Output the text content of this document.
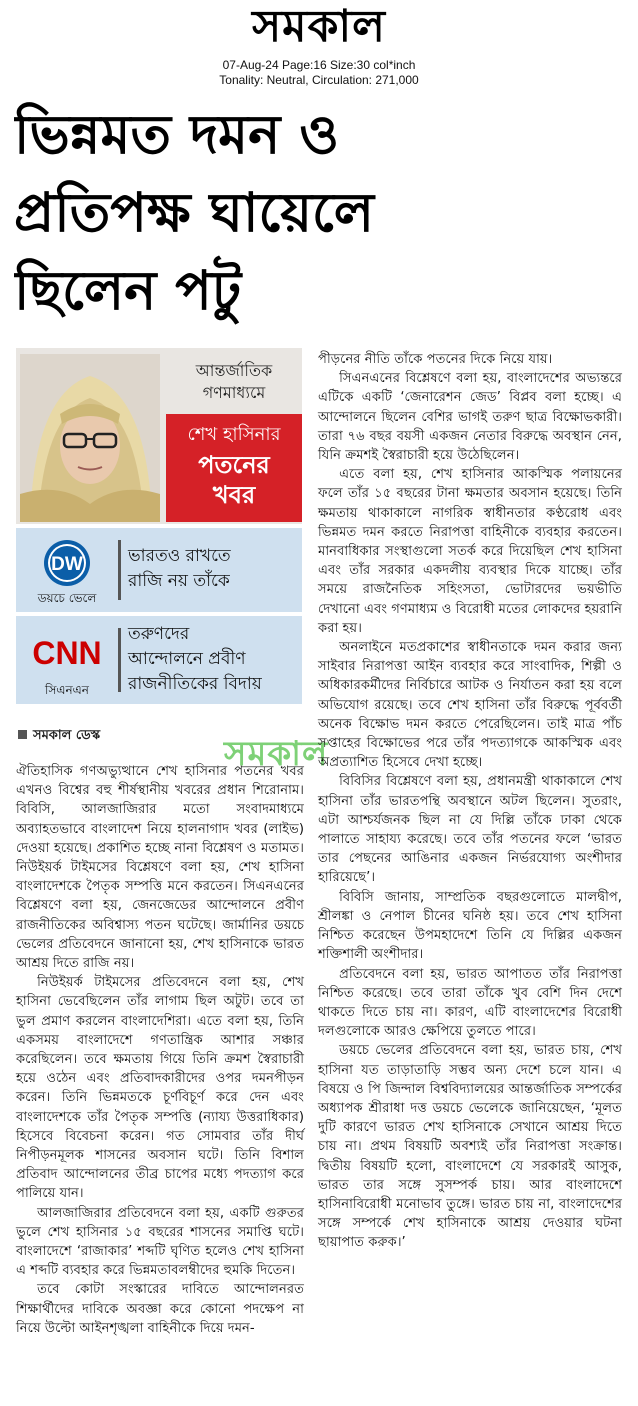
সমকাল
07-Aug-24 Page:16 Size:30 col*inch
Tonality: Neutral, Circulation: 271,000
ভিন্নমত দমন ও
প্রতিপক্ষ ঘায়েলে
ছিলেন পটু
আন্তর্জাতিক
গণমাধ্যমে
শেখ হাসিনার
পতনের
খবর
DW
ডয়চে ভেলে
ভারতও রাখতে
রাজি নয় তাঁকে
CNN
সিএনএন
তরুণদের
আন্দোলনে প্রবীণ
রাজনীতিকের বিদায়
সমকাল ডেস্ক	সমকাল

ঐতিহাসিক গণঅভ্যুত্থানে শেখ হাসিনার পতনের খবর এখনও বিশ্বের বহু শীর্ষস্থানীয় খবরের প্রধান শিরোনাম। বিবিসি, আলজাজিরার মতো সংবাদমাধ্যমে অব্যাহতভাবে বাংলাদেশ নিয়ে হালনাগাদ খবর (লাইভ) দেওয়া হয়েছে। প্রকাশিত হচ্ছে নানা বিশ্লেষণ ও মতামত। নিউইয়র্ক টাইমসের বিশ্লেষণে বলা হয়, শেখ হাসিনা বাংলাদেশকে পৈতৃক সম্পত্তি মনে করতেন। সিএনএনের বিশ্লেষণে বলা হয়, জেনজেডের আন্দোলনে প্রবীণ রাজনীতিকের অবিশ্বাস্য পতন ঘটেছে। জার্মানির ডয়চে ভেলের প্রতিবেদনে জানানো হয়, শেখ হাসিনাকে ভারত আশ্রয় দিতে রাজি নয়।

নিউইয়র্ক টাইমসের প্রতিবেদনে বলা হয়, শেখ হাসিনা ভেবেছিলেন তাঁর লাগাম ছিল অটুট। তবে তা ভুল প্রমাণ করলেন বাংলাদেশিরা। এতে বলা হয়, তিনি একসময় বাংলাদেশে গণতান্ত্রিক আশার সঞ্চার করেছিলেন। তবে ক্ষমতায় গিয়ে তিনি ক্রমশ স্বৈরাচারী হয়ে ওঠেন এবং প্রতিবাদকারীদের ওপর দমনপীড়ন করেন। তিনি ভিন্নমতকে চূর্ণবিচূর্ণ করে দেন এবং বাংলাদেশকে তাঁর পৈতৃক সম্পত্তি (ন্যায্য উত্তরাধিকার) হিসেবে বিবেচনা করেন। গত সোমবার তাঁর দীর্ঘ নিপীড়নমূলক শাসনের অবসান ঘটে। তিনি বিশাল প্রতিবাদ আন্দোলনের তীব্র চাপের মধ্যে পদত্যাগ করে পালিয়ে যান।

আলজাজিরার প্রতিবেদনে বলা হয়, একটি গুরুতর ভুলে শেখ হাসিনার ১৫ বছরের শাসনের সমাপ্তি ঘটে। বাংলাদেশে ‘রাজাকার’ শব্দটি ঘৃণিত হলেও শেখ হাসিনা এ শব্দটি ব্যবহার করে ভিন্নমতাবলম্বীদের হুমকি দিতেন।

তবে কোটা সংস্কারের দাবিতে আন্দোলনরত শিক্ষার্থীদের দাবিকে অবজ্ঞা করে কোনো পদক্ষেপ না নিয়ে উল্টো আইনশৃঙ্খলা বাহিনীকে দিয়ে দমন-

পীড়নের নীতি তাঁকে পতনের দিকে নিয়ে যায়।

সিএনএনের বিশ্লেষণে বলা হয়, বাংলাদেশের অভ্যন্তরে এটিকে একটি ‘জেনারেশন জেড’ বিপ্লব বলা হচ্ছে। এ আন্দোলনে ছিলেন বেশির ভাগই তরুণ ছাত্র বিক্ষোভকারী। তারা ৭৬ বছর বয়সী একজন নেতার বিরুদ্ধে অবস্থান নেন, যিনি ক্রমশই স্বৈরাচারী হয়ে উঠেছিলেন।

এতে বলা হয়, শেখ হাসিনার আকস্মিক পলায়নের ফলে তাঁর ১৫ বছরের টানা ক্ষমতার অবসান হয়েছে। তিনি ক্ষমতায় থাকাকালে নাগরিক স্বাধীনতার কণ্ঠরোধ এবং ভিন্নমত দমন করতে নিরাপত্তা বাহিনীকে ব্যবহার করতেন। মানবাধিকার সংস্থাগুলো সতর্ক করে দিয়েছিল শেখ হাসিনা এবং তাঁর সরকার একদলীয় ব্যবস্থার দিকে যাচ্ছে। তাঁর সময়ে রাজনৈতিক সহিংসতা, ভোটারদের ভয়ভীতি দেখানো এবং গণমাধ্যম ও বিরোধী মতের লোকদের হয়রানি করা হয়।

অনলাইনে মতপ্রকাশের স্বাধীনতাকে দমন করার জন্য সাইবার নিরাপত্তা আইন ব্যবহার করে সাংবাদিক, শিল্পী ও অধিকারকর্মীদের নির্বিচারে আটক ও নির্যাতন করা হয় বলে অভিযোগ রয়েছে। তবে শেখ হাসিনা তাঁর বিরুদ্ধে পূর্ববর্তী অনেক বিক্ষোভ দমন করতে পেরেছিলেন। তাই মাত্র পাঁচ সপ্তাহের বিক্ষোভের পরে তাঁর পদত্যাগকে আকস্মিক এবং অপ্রত্যাশিত হিসেবে দেখা হচ্ছে।

বিবিসির বিশ্লেষণে বলা হয়, প্রধানমন্ত্রী থাকাকালে শেখ হাসিনা তাঁর ভারতপন্থি অবস্থানে অটল ছিলেন। সুতরাং, এটা আশ্চর্যজনক ছিল না যে দিল্লি তাঁকে ঢাকা থেকে পালাতে সাহায্য করেছে। তবে তাঁর পতনের ফলে ‘ভারত তার পেছনের আঙিনার একজন নির্ভরযোগ্য অংশীদার হারিয়েছে’।

বিবিসি জানায়, সাম্প্রতিক বছরগুলোতে মালদ্বীপ, শ্রীলঙ্কা ও নেপাল চীনের ঘনিষ্ঠ হয়। তবে শেখ হাসিনা নিশ্চিত করেছেন উপমহাদেশে তিনি যে দিল্লির একজন শক্তিশালী অংশীদার।

প্রতিবেদনে বলা হয়, ভারত আপাতত তাঁর নিরাপত্তা নিশ্চিত করেছে। তবে তারা তাঁকে খুব বেশি দিন দেশে থাকতে দিতে চায় না। কারণ, এটি বাংলাদেশের বিরোধী দলগুলোকে আরও ক্ষেপিয়ে তুলতে পারে।

ডয়চে ভেলের প্রতিবেদনে বলা হয়, ভারত চায়, শেখ হাসিনা যত তাড়াতাড়ি সম্ভব অন্য দেশে চলে যান। এ বিষয়ে ও পি জিন্দাল বিশ্ববিদ্যালয়ের আন্তর্জাতিক সম্পর্কের অধ্যাপক শ্রীরাধা দত্ত ডয়চে ভেলেকে জানিয়েছেন, ‘মূলত দুটি কারণে ভারত শেখ হাসিনাকে সেখানে আশ্রয় দিতে চায় না। প্রথম বিষয়টি অবশ্যই তাঁর নিরাপত্তা সংক্রান্ত। দ্বিতীয় বিষয়টি হলো, বাংলাদেশে যে সরকারই আসুক, ভারত তার সঙ্গে সুসম্পর্ক চায়। আর বাংলাদেশে হাসিনাবিরোধী মনোভাব তুঙ্গে। ভারত চায় না, বাংলাদেশের সঙ্গে সম্পর্কে শেখ হাসিনাকে আশ্রয় দেওয়ার ঘটনা ছায়াপাত করুক।’
